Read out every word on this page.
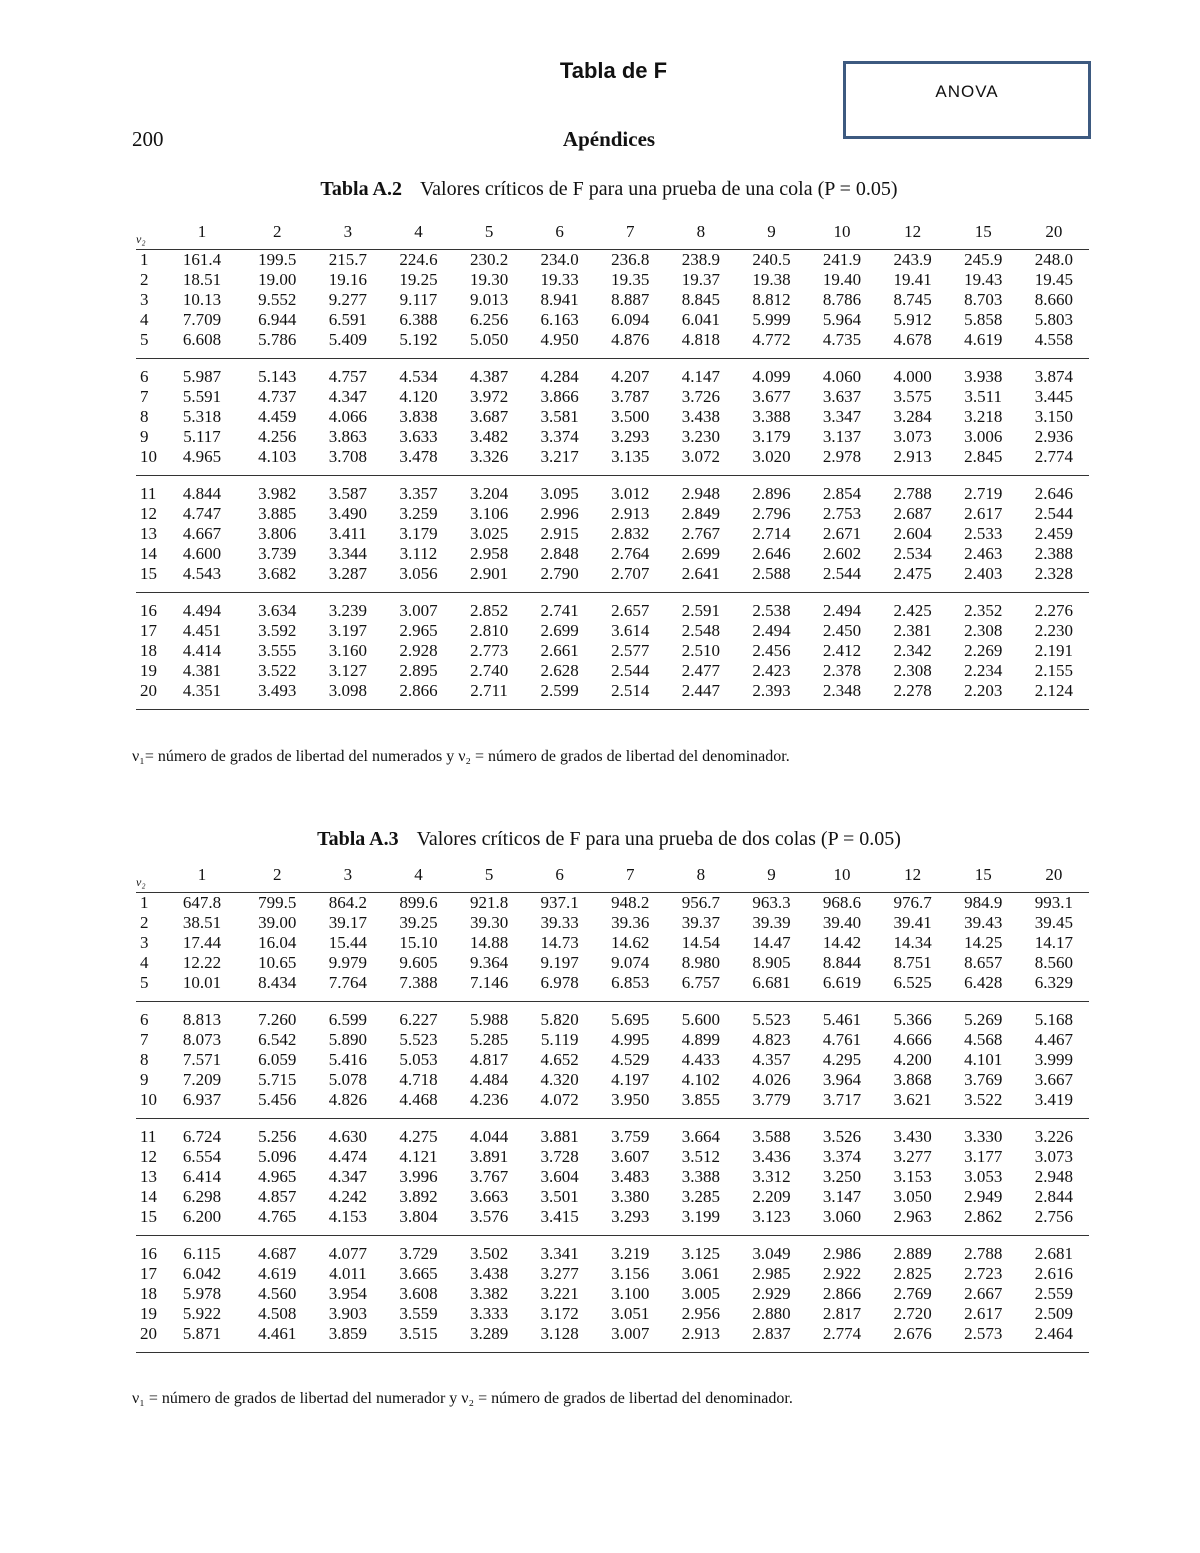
Tabla de F
ANOVA
200	Apéndices
Tabla A.2 Valores críticos de F para una prueba de una cola (P = 0.05)
ν₂	1	2	3	4	5	6	7	8	9	10	12	15	20
1	161.4	199.5	215.7	224.6	230.2	234.0	236.8	238.9	240.5	241.9	243.9	245.9	248.0
2	18.51	19.00	19.16	19.25	19.30	19.33	19.35	19.37	19.38	19.40	19.41	19.43	19.45
3	10.13	9.552	9.277	9.117	9.013	8.941	8.887	8.845	8.812	8.786	8.745	8.703	8.660
4	7.709	6.944	6.591	6.388	6.256	6.163	6.094	6.041	5.999	5.964	5.912	5.858	5.803
5	6.608	5.786	5.409	5.192	5.050	4.950	4.876	4.818	4.772	4.735	4.678	4.619	4.558
6	5.987	5.143	4.757	4.534	4.387	4.284	4.207	4.147	4.099	4.060	4.000	3.938	3.874
7	5.591	4.737	4.347	4.120	3.972	3.866	3.787	3.726	3.677	3.637	3.575	3.511	3.445
8	5.318	4.459	4.066	3.838	3.687	3.581	3.500	3.438	3.388	3.347	3.284	3.218	3.150
9	5.117	4.256	3.863	3.633	3.482	3.374	3.293	3.230	3.179	3.137	3.073	3.006	2.936
10	4.965	4.103	3.708	3.478	3.326	3.217	3.135	3.072	3.020	2.978	2.913	2.845	2.774
11	4.844	3.982	3.587	3.357	3.204	3.095	3.012	2.948	2.896	2.854	2.788	2.719	2.646
12	4.747	3.885	3.490	3.259	3.106	2.996	2.913	2.849	2.796	2.753	2.687	2.617	2.544
13	4.667	3.806	3.411	3.179	3.025	2.915	2.832	2.767	2.714	2.671	2.604	2.533	2.459
14	4.600	3.739	3.344	3.112	2.958	2.848	2.764	2.699	2.646	2.602	2.534	2.463	2.388
15	4.543	3.682	3.287	3.056	2.901	2.790	2.707	2.641	2.588	2.544	2.475	2.403	2.328
16	4.494	3.634	3.239	3.007	2.852	2.741	2.657	2.591	2.538	2.494	2.425	2.352	2.276
17	4.451	3.592	3.197	2.965	2.810	2.699	3.614	2.548	2.494	2.450	2.381	2.308	2.230
18	4.414	3.555	3.160	2.928	2.773	2.661	2.577	2.510	2.456	2.412	2.342	2.269	2.191
19	4.381	3.522	3.127	2.895	2.740	2.628	2.544	2.477	2.423	2.378	2.308	2.234	2.155
20	4.351	3.493	3.098	2.866	2.711	2.599	2.514	2.447	2.393	2.348	2.278	2.203	2.124
ν₁= número de grados de libertad del numerados y ν₂ = número de grados de libertad del denominador.
Tabla A.3 Valores críticos de F para una prueba de dos colas (P = 0.05)
ν₂	1	2	3	4	5	6	7	8	9	10	12	15	20
1	647.8	799.5	864.2	899.6	921.8	937.1	948.2	956.7	963.3	968.6	976.7	984.9	993.1
2	38.51	39.00	39.17	39.25	39.30	39.33	39.36	39.37	39.39	39.40	39.41	39.43	39.45
3	17.44	16.04	15.44	15.10	14.88	14.73	14.62	14.54	14.47	14.42	14.34	14.25	14.17
4	12.22	10.65	9.979	9.605	9.364	9.197	9.074	8.980	8.905	8.844	8.751	8.657	8.560
5	10.01	8.434	7.764	7.388	7.146	6.978	6.853	6.757	6.681	6.619	6.525	6.428	6.329
6	8.813	7.260	6.599	6.227	5.988	5.820	5.695	5.600	5.523	5.461	5.366	5.269	5.168
7	8.073	6.542	5.890	5.523	5.285	5.119	4.995	4.899	4.823	4.761	4.666	4.568	4.467
8	7.571	6.059	5.416	5.053	4.817	4.652	4.529	4.433	4.357	4.295	4.200	4.101	3.999
9	7.209	5.715	5.078	4.718	4.484	4.320	4.197	4.102	4.026	3.964	3.868	3.769	3.667
10	6.937	5.456	4.826	4.468	4.236	4.072	3.950	3.855	3.779	3.717	3.621	3.522	3.419
11	6.724	5.256	4.630	4.275	4.044	3.881	3.759	3.664	3.588	3.526	3.430	3.330	3.226
12	6.554	5.096	4.474	4.121	3.891	3.728	3.607	3.512	3.436	3.374	3.277	3.177	3.073
13	6.414	4.965	4.347	3.996	3.767	3.604	3.483	3.388	3.312	3.250	3.153	3.053	2.948
14	6.298	4.857	4.242	3.892	3.663	3.501	3.380	3.285	2.209	3.147	3.050	2.949	2.844
15	6.200	4.765	4.153	3.804	3.576	3.415	3.293	3.199	3.123	3.060	2.963	2.862	2.756
16	6.115	4.687	4.077	3.729	3.502	3.341	3.219	3.125	3.049	2.986	2.889	2.788	2.681
17	6.042	4.619	4.011	3.665	3.438	3.277	3.156	3.061	2.985	2.922	2.825	2.723	2.616
18	5.978	4.560	3.954	3.608	3.382	3.221	3.100	3.005	2.929	2.866	2.769	2.667	2.559
19	5.922	4.508	3.903	3.559	3.333	3.172	3.051	2.956	2.880	2.817	2.720	2.617	2.509
20	5.871	4.461	3.859	3.515	3.289	3.128	3.007	2.913	2.837	2.774	2.676	2.573	2.464
ν₁ = número de grados de libertad del numerador y ν₂ = número de grados de libertad del denominador.
